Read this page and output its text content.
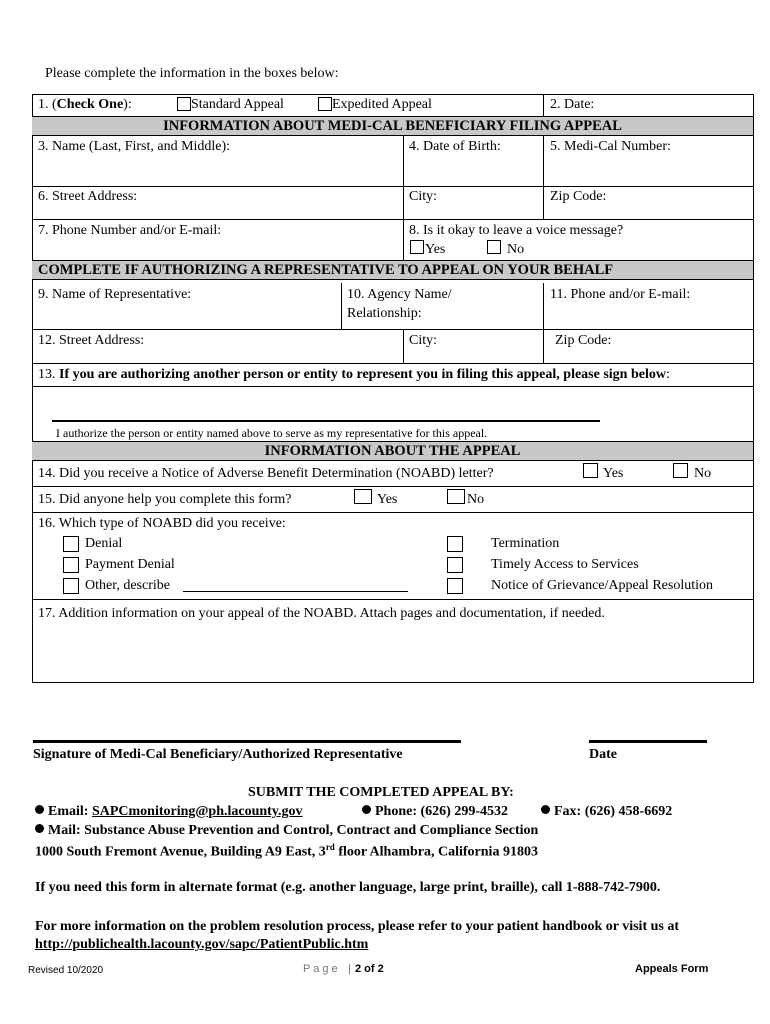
Please complete the information in the boxes below:
1. (Check One):	Standard Appeal	Expedited Appeal	2. Date:
INFORMATION ABOUT MEDI-CAL BENEFICIARY FILING APPEAL
3. Name (Last, First, and Middle):	4. Date of Birth:	5. Medi-Cal Number:
6. Street Address:	City:	Zip Code:
7. Phone Number and/or E-mail:	8. Is it okay to leave a voice message?
Yes	No
COMPLETE IF AUTHORIZING A REPRESENTATIVE TO APPEAL ON YOUR BEHALF
9. Name of Representative:	10. Agency Name/
Relationship:
11. Phone and/or E-mail:
12. Street Address:	City:	Zip Code:
13. If you are authorizing another person or entity to represent you in filing this appeal, please sign below:
I authorize the person or entity named above to serve as my representative for this appeal.
INFORMATION ABOUT THE APPEAL
14. Did you receive a Notice of Adverse Benefit Determination (NOABD) letter?	Yes	No
15. Did anyone help you complete this form?	Yes	No
16. Which type of NOABD did you receive:
Denial
Payment Denial
Other, describe
Termination
Timely Access to Services
Notice of Grievance/Appeal Resolution
17. Addition information on your appeal of the NOABD. Attach pages and documentation, if needed.
Signature of Medi-Cal Beneficiary/Authorized Representative	Date
SUBMIT THE COMPLETED APPEAL BY:
Email: SAPCmonitoring@ph.lacounty.gov	Phone: (626) 299-4532	Fax: (626) 458-6692
Mail: Substance Abuse Prevention and Control, Contract and Compliance Section
1000 South Fremont Avenue, Building A9 East, 3rd floor Alhambra, California 91803
If you need this form in alternate format (e.g. another language, large print, braille), call 1-888-742-7900.
For more information on the problem resolution process, please refer to your patient handbook or visit us at
http://publichealth.lacounty.gov/sapc/PatientPublic.htm
Revised 10/2020	P a g e | 2 of 2	Appeals Form
